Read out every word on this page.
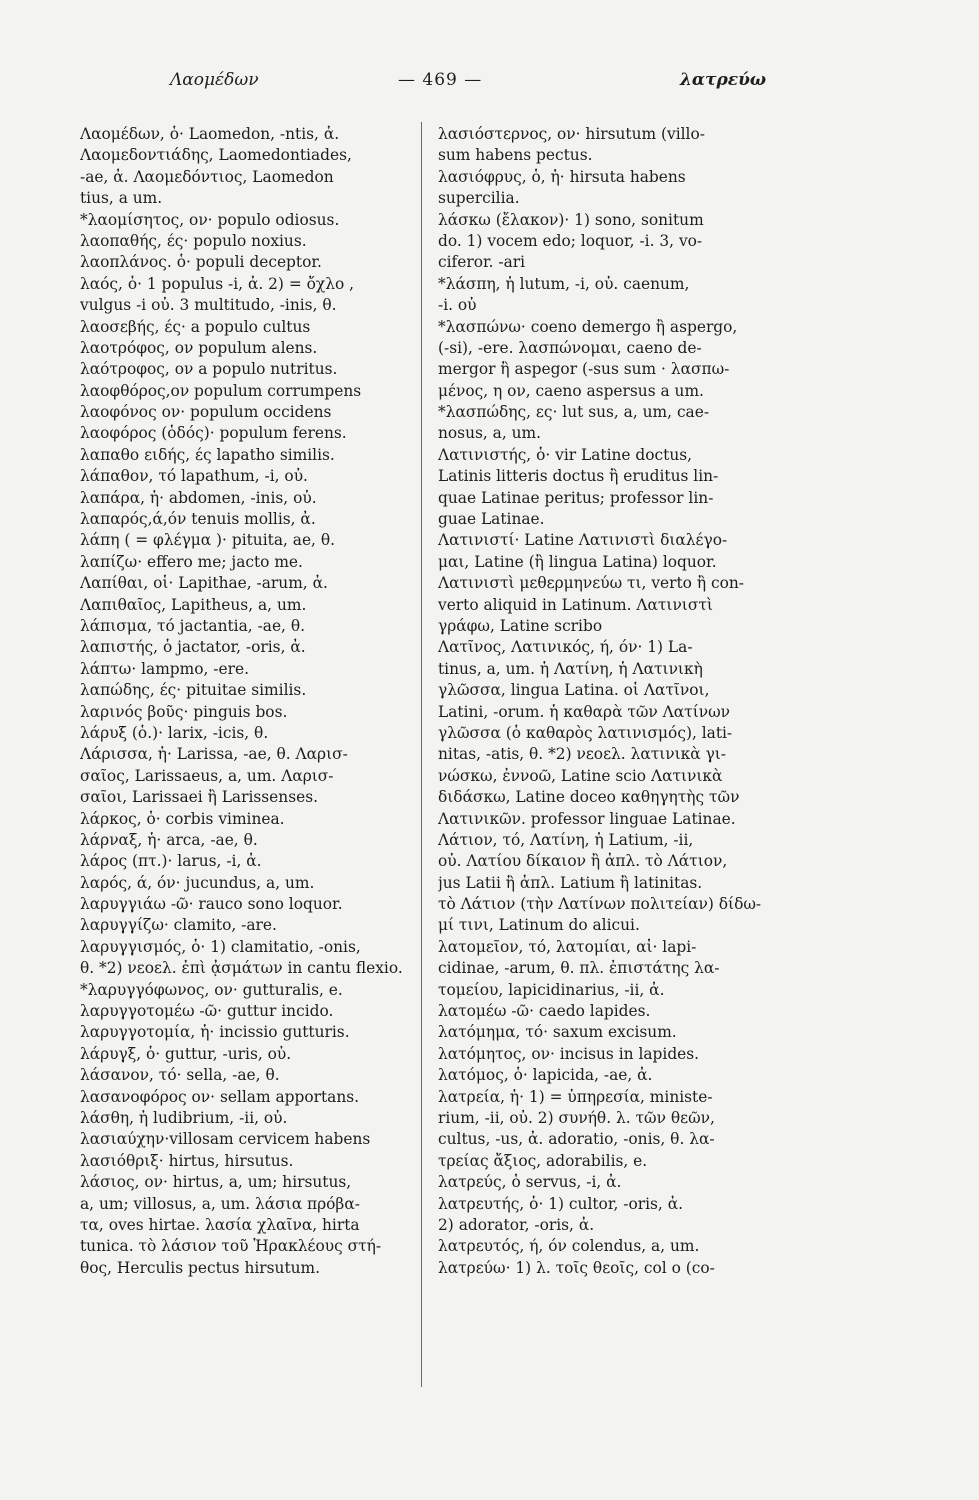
Λαομέδων	— 469 —	λατρεύω
Λαομέδων, ὁ· Laomedon, -ntis, ἀ.
Λαομεδοντιάδης, Laomedontiades,
-ae, ἀ. Λαομεδόντιος, Laomedon
tius, a um.
*λαομίσητος, ον· populo odiosus.
λαοπαθής, ές· populo noxius.
λαοπλάνος. ὁ· populi deceptor.
λαός, ὁ· 1 populus -i, ἀ. 2) = ὄχλο ,
vulgus -i οὐ. 3 multitudo, -inis, θ.
λαοσεβής, ές· a populo cultus
λαοτρόφος, ον populum alens.
λαότροφος, ον a populo nutritus.
λαοφθόρος,ον populum corrumpens
λαοφόνος ον· populum occidens
λαοφόρος (ὁδός)· populum ferens.
λαπαθο ειδής, ές lapatho similis.
λάπαθον, τό lapathum, -i, οὐ.
λαπάρα, ἡ· abdomen, -inis, οὐ.
λαπαρός,ά,όν tenuis mollis, ἀ.
λάπη ( = φλέγμα )· pituita, ae, θ.
λαπίζω· effero me; jacto me.
Λαπίθαι, οἱ· Lapithae, -arum, ἀ.
Λαπιθαῖος, Lapitheus, a, um.
λάπισμα, τό jactantia, -ae, θ.
λαπιστής, ὁ jactator, -oris, ἀ.
λάπτω· lampmo, -ere.
λαπώδης, ές· pituitae similis.
λαρινός βοῦς· pinguis bos.
λάρυξ (ὁ.)· larix, -icis, θ.
Λάρισσα, ἡ· Larissa, -ae, θ. Λαρισ-
σαῖος, Larissaeus, a, um. Λαρισ-
σαῖοι, Larissaei ἢ Larissenses.
λάρκος, ὁ· corbis viminea.
λάρναξ, ἡ· arca, -ae, θ.
λάρος (πτ.)· larus, -i, ἀ.
λαρός, ά, όν· jucundus, a, um.
λαρυγγιάω -ῶ· rauco sono loquor.
λαρυγγίζω· clamito, -are.
λαρυγγισμός, ὁ· 1) clamitatio, -onis,
θ. *2) νεοελ. ἐπὶ ᾀσμάτων in cantu flexio.
*λαρυγγόφωνος, ον· gutturalis, e.
λαρυγγοτομέω -ῶ· guttur incido.
λαρυγγοτομία, ἡ· incissio gutturis.
λάρυγξ, ὁ· guttur, -uris, οὐ.
λάσανον, τό· sella, -ae, θ.
λασανοφόρος ον· sellam apportans.
λάσθη, ἡ ludibrium, -ii, οὐ.
λασιαύχην·villosam cervicem habens
λασιόθριξ· hirtus, hirsutus.
λάσιος, ον· hirtus, a, um; hirsutus,
a, um; villosus, a, um. λάσια πρόβα-
τα, oves hirtae. λασία χλαῖνα, hirta
tunica. τὸ λάσιον τοῦ Ἡρακλέους στή-
θος, Herculis pectus hirsutum.
λασιόστερνος, ον· hirsutum (villo-
sum habens pectus.
λασιόφρυς, ὁ, ἡ· hirsuta habens
supercilia.
λάσκω (ἔλακον)· 1) sono, sonitum
do. 1) vocem edo; loquor, -i. 3, vo-
ciferor. -ari
*λάσπη, ἡ lutum, -i, οὐ. caenum,
-i. οὐ
*λασπώνω· coeno demergo ἢ aspergo,
(-si), -ere. λασπώνομαι, caeno de-
mergor ἢ aspegor (-sus sum · λασπω-
μένος, η ον, caeno aspersus a um.
*λασπώδης, ες· lut sus, a, um, cae-
nosus, a, um.
Λατινιστής, ὁ· vir Latine doctus,
Latinis litteris doctus ἢ eruditus lin-
quae Latinae peritus; professor lin-
guae Latinae.
Λατινιστί· Latine Λατινιστὶ διαλέγο-
μαι, Latine (ἢ lingua Latina) loquor.
Λατινιστὶ μεθερμηνεύω τι, verto ἢ con-
verto aliquid in Latinum. Λατινιστὶ
γράφω, Latine scribo
Λατῖνος, Λατινικός, ή, όν· 1) La-
tinus, a, um. ἡ Λατίνη, ἡ Λατινικὴ
γλῶσσα, lingua Latina. οἱ Λατῖνοι,
Latini, -orum. ἡ καθαρὰ τῶν Λατίνων
γλῶσσα (ὁ καθαρὸς λατινισμός), lati-
nitas, -atis, θ. *2) νεοελ. λατινικὰ γι-
νώσκω, ἐννοῶ, Latine scio Λατινικὰ
διδάσκω, Latine doceo καθηγητὴς τῶν
Λατινικῶν. professor linguae Latinae.
Λάτιον, τό, Λατίνη, ἡ Latium, -ii,
οὐ. Λατίου δίκαιον ἢ ἁπλ. τὸ Λάτιον,
jus Latii ἢ ἁπλ. Latium ἢ latinitas.
τὸ Λάτιον (τὴν Λατίνων πολιτείαν) δίδω-
μί τινι, Latinum do alicui.
λατομεῖον, τό, λατομίαι, αἱ· lapi-
cidinae, -arum, θ. πλ. ἐπιστάτης λα-
τομείου, lapicidinarius, -ii, ἀ.
λατομέω -ῶ· caedo lapides.
λατόμημα, τό· saxum excisum.
λατόμητος, ον· incisus in lapides.
λατόμος, ὁ· lapicida, -ae, ἀ.
λατρεία, ἡ· 1) = ὑπηρεσία, ministe-
rium, -ii, οὐ. 2) συνήθ. λ. τῶν θεῶν,
cultus, -us, ἀ. adoratio, -onis, θ. λα-
τρείας ἄξιος, adorabilis, e.
λατρεύς, ὁ servus, -i, ἀ.
λατρευτής, ὁ· 1) cultor, -oris, ἀ.
2) adorator, -oris, ἀ.
λατρευτός, ή, όν colendus, a, um.
λατρεύω· 1) λ. τοῖς θεοῖς, col o (co-
